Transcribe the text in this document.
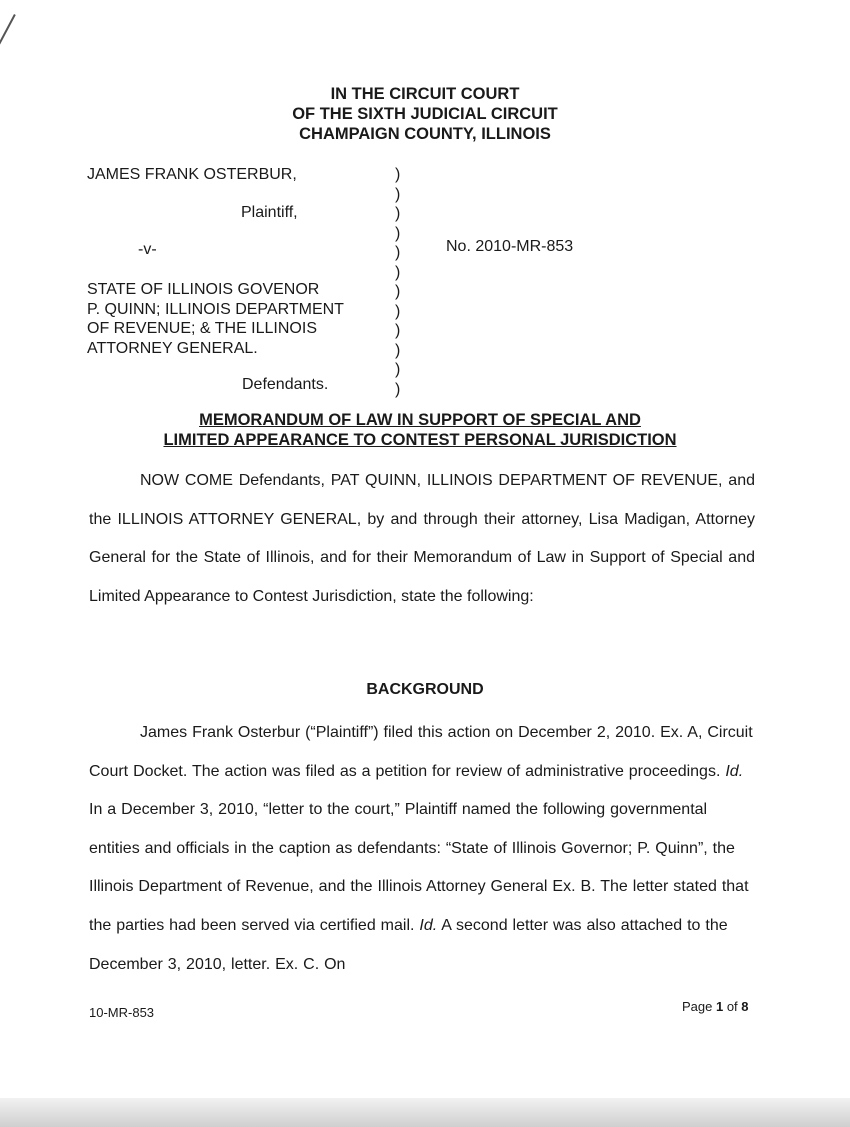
IN THE CIRCUIT COURT
OF THE SIXTH JUDICIAL CIRCUIT
CHAMPAIGN COUNTY, ILLINOIS
JAMES FRANK OSTERBUR,
Plaintiff,
-v-
STATE OF ILLINOIS GOVENOR
P. QUINN; ILLINOIS DEPARTMENT
OF REVENUE; & THE ILLINOIS
ATTORNEY GENERAL.
Defendants.
)
)
)
)
)
)
)
)
)
)
)
)
No. 2010-MR-853
MEMORANDUM OF LAW IN SUPPORT OF SPECIAL AND
LIMITED APPEARANCE TO CONTEST PERSONAL JURISDICTION
NOW COME Defendants, PAT QUINN, ILLINOIS DEPARTMENT OF REVENUE, and the ILLINOIS ATTORNEY GENERAL, by and through their attorney, Lisa Madigan, Attorney General for the State of Illinois, and for their Memorandum of Law in Support of Special and Limited Appearance to Contest Jurisdiction, state the following:
BACKGROUND
James Frank Osterbur (“Plaintiff”) filed this action on December 2, 2010. Ex. A, Circuit Court Docket. The action was filed as a petition for review of administrative proceedings. Id. In a December 3, 2010, “letter to the court,” Plaintiff named the following governmental entities and officials in the caption as defendants: “State of Illinois Governor; P. Quinn”, the Illinois Department of Revenue, and the Illinois Attorney General Ex. B. The letter stated that the parties had been served via certified mail. Id. A second letter was also attached to the December 3, 2010, letter. Ex. C. On
10-MR-853	Page 1 of 8
